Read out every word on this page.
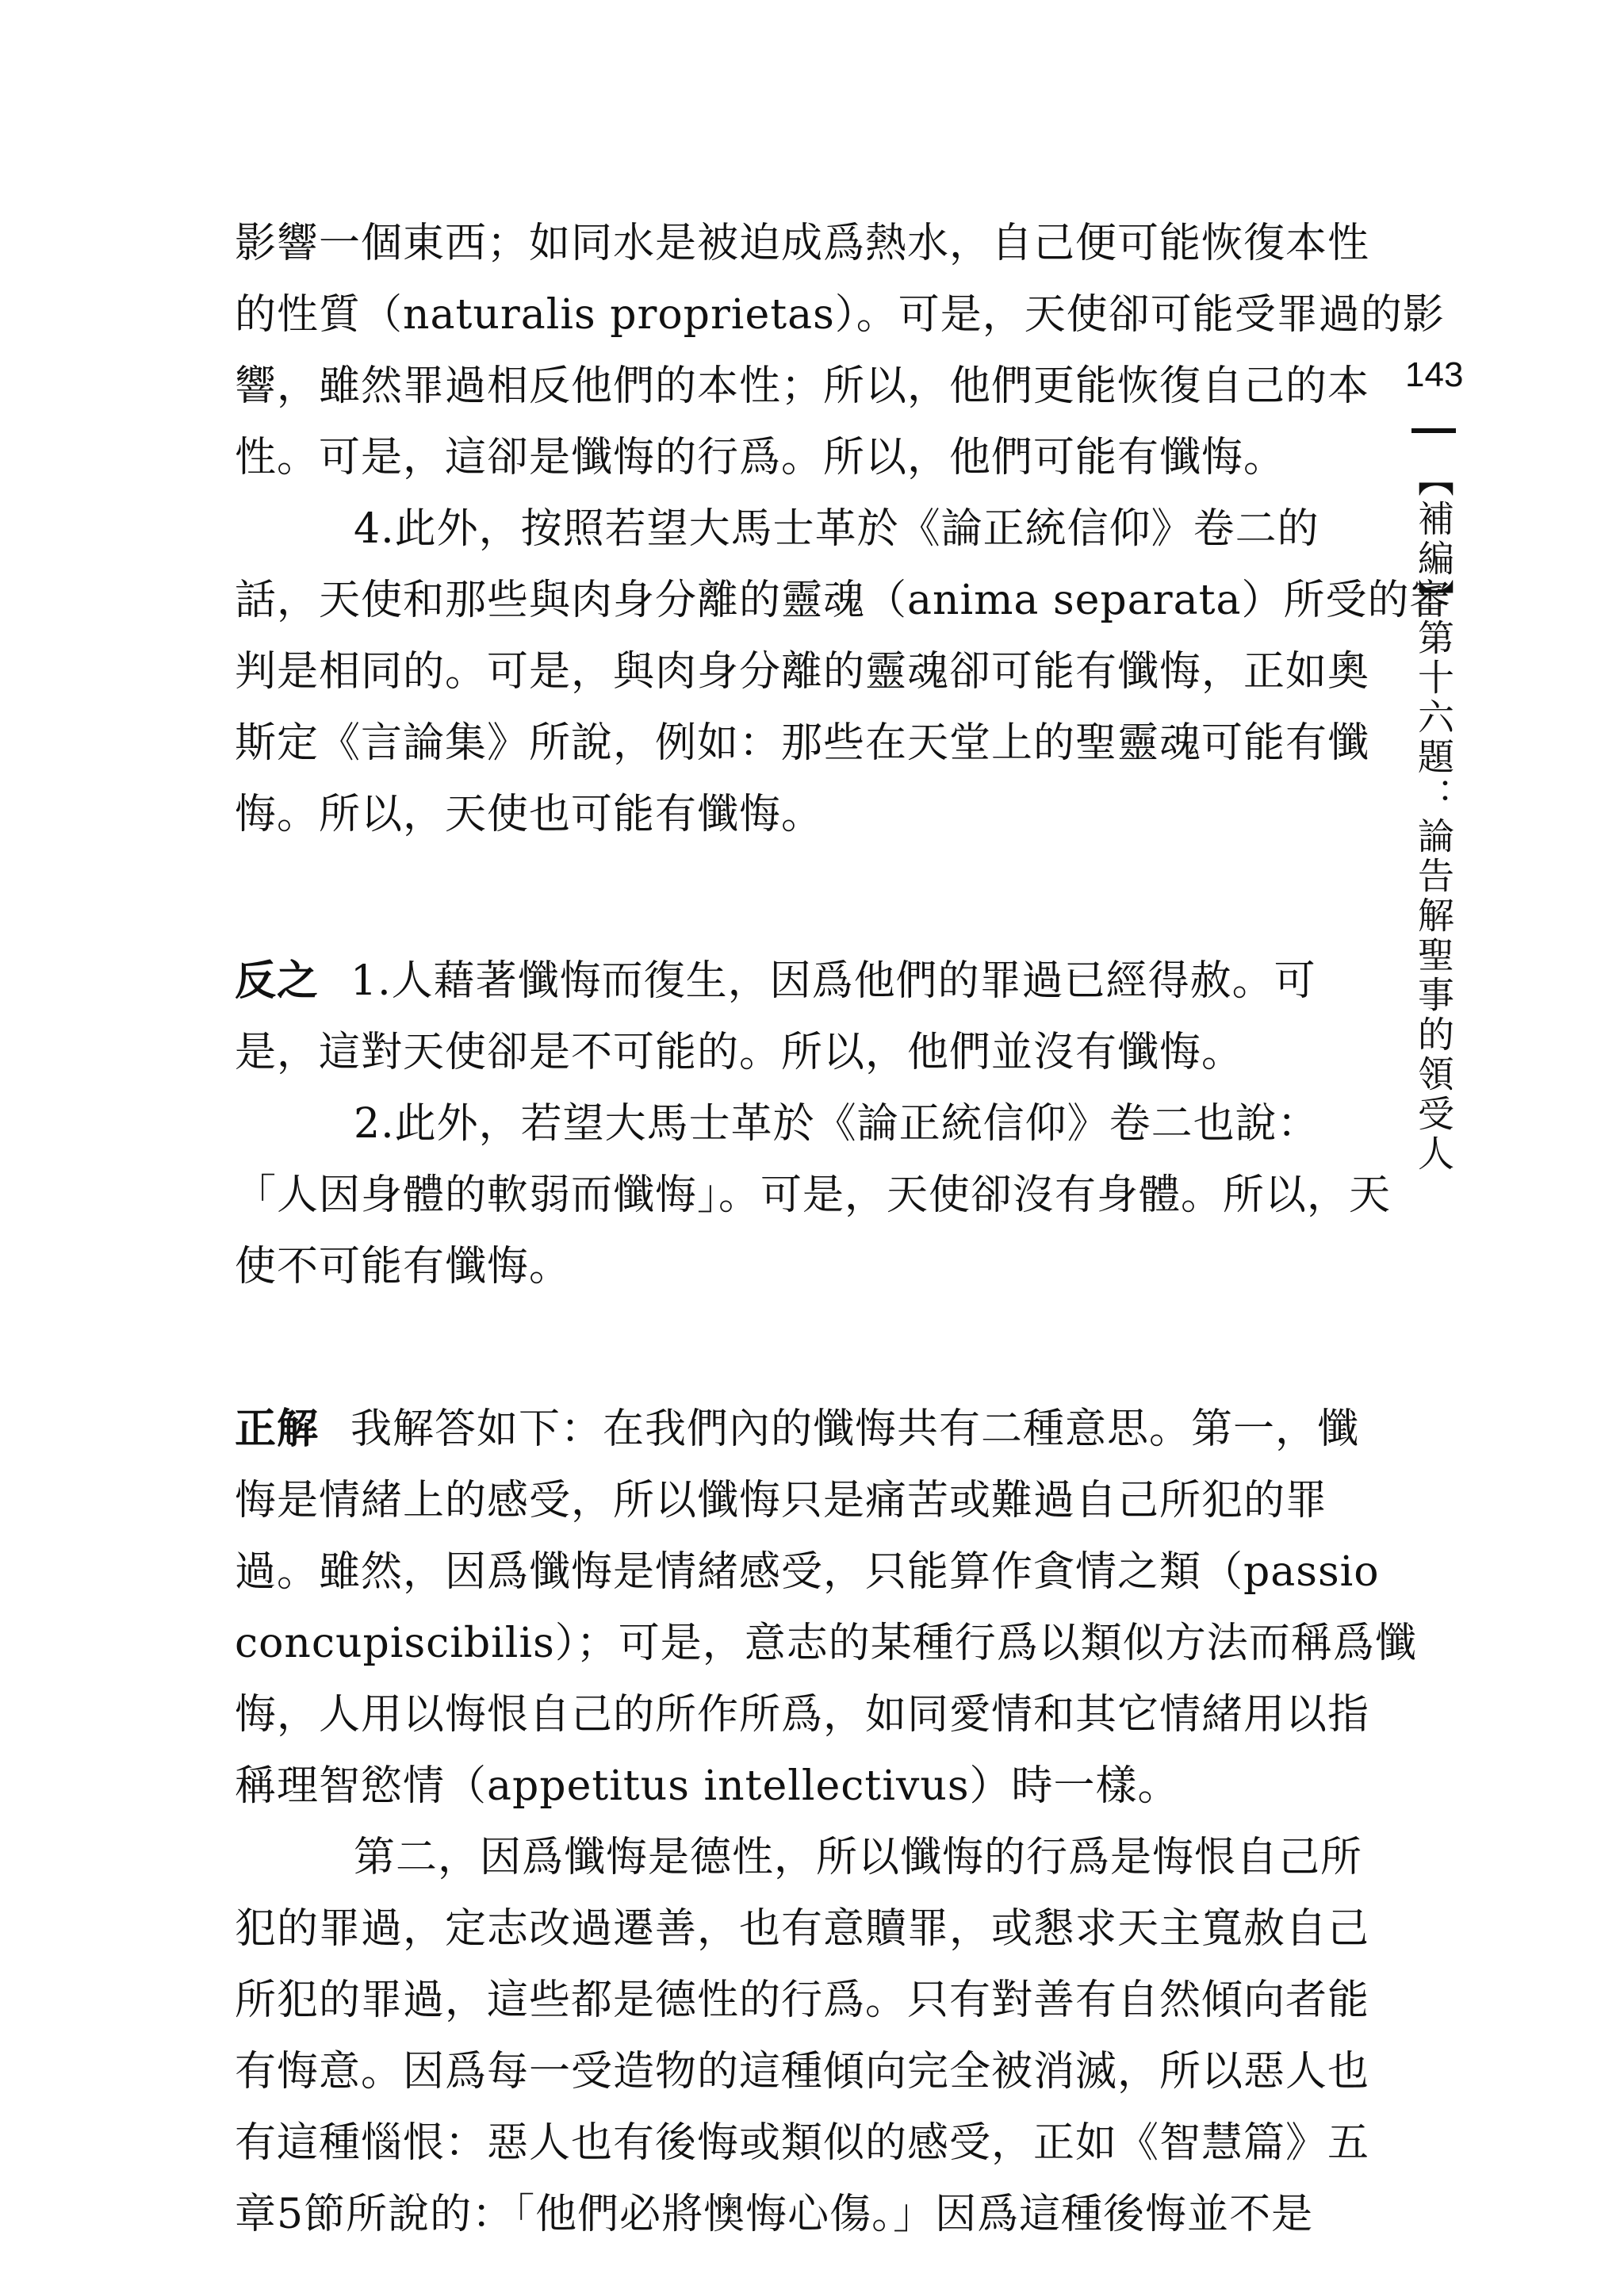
143
【補編】第十六題：論告解聖事的領受人
影響一個東西；如同水是被迫成爲熱水，自己便可能恢復本性
的性質（naturalis proprietas）。可是，天使卻可能受罪過的影
響，雖然罪過相反他們的本性；所以，他們更能恢復自己的本
性。可是，這卻是懺悔的行爲。所以，他們可能有懺悔。
4.此外，按照若望大馬士革於《論正統信仰》卷二的
話，天使和那些與肉身分離的靈魂（anima separata）所受的審
判是相同的。可是，與肉身分離的靈魂卻可能有懺悔，正如奧
斯定《言論集》所說，例如：那些在天堂上的聖靈魂可能有懺
悔。所以，天使也可能有懺悔。
反之 1.人藉著懺悔而復生，因爲他們的罪過已經得赦。可
是，這對天使卻是不可能的。所以，他們並沒有懺悔。
2.此外，若望大馬士革於《論正統信仰》卷二也說：
「人因身體的軟弱而懺悔」。可是，天使卻沒有身體。所以，天
使不可能有懺悔。
正解 我解答如下：在我們內的懺悔共有二種意思。第一，懺
悔是情緒上的感受，所以懺悔只是痛苦或難過自己所犯的罪
過。雖然，因爲懺悔是情緒感受，只能算作貪情之類（passio
concupiscibilis）；可是，意志的某種行爲以類似方法而稱爲懺
悔，人用以悔恨自己的所作所爲，如同愛情和其它情緒用以指
稱理智慾情（appetitus intellectivus）時一樣。
第二，因爲懺悔是德性，所以懺悔的行爲是悔恨自己所
犯的罪過，定志改過遷善，也有意贖罪，或懇求天主寬赦自己
所犯的罪過，這些都是德性的行爲。只有對善有自然傾向者能
有悔意。因爲每一受造物的這種傾向完全被消滅，所以惡人也
有這種惱恨：惡人也有後悔或類似的感受，正如《智慧篇》五
章5節所說的：「他們必將懊悔心傷。」因爲這種後悔並不是
